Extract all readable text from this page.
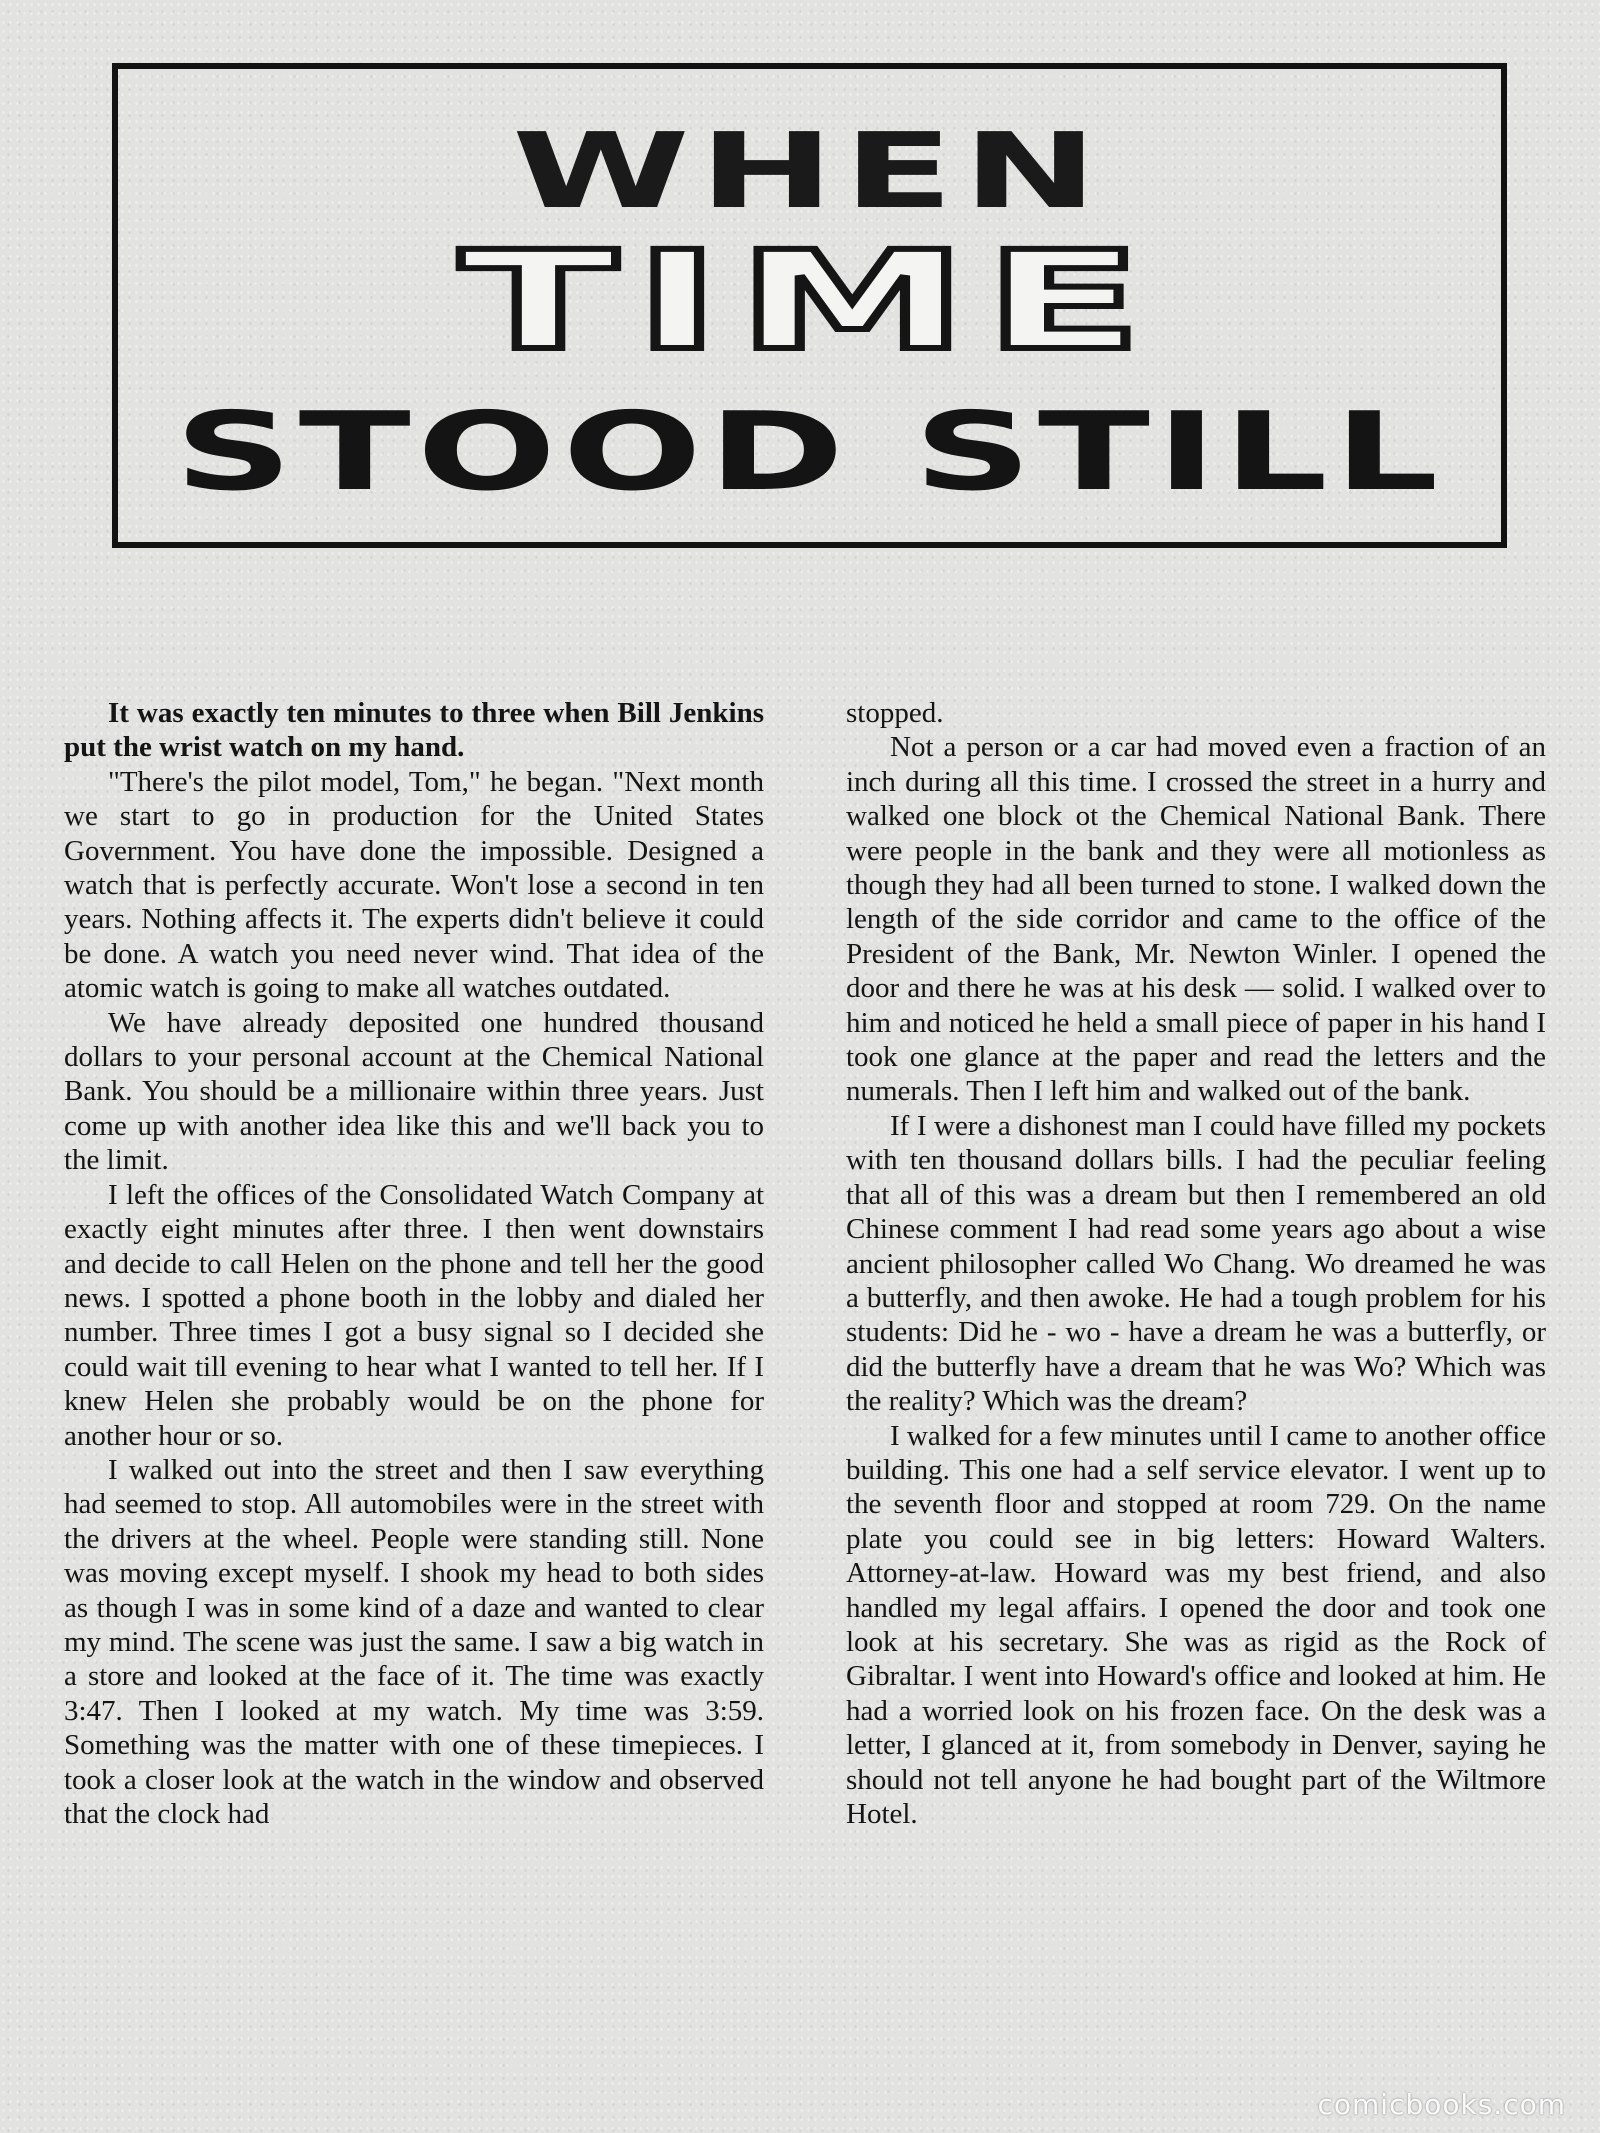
WHEN
TIME
STOOD STILL

It was exactly ten minutes to three when Bill Jenkins put the wrist watch on my hand.

"There's the pilot model, Tom," he began. "Next month we start to go in production for the United States Government. You have done the impossible. Designed a watch that is perfectly accurate. Won't lose a second in ten years. Nothing affects it. The experts didn't believe it could be done. A watch you need never wind. That idea of the atomic watch is going to make all watches outdated.

We have already deposited one hundred thousand dollars to your personal account at the Chemical National Bank. You should be a millionaire within three years. Just come up with another idea like this and we'll back you to the limit.

I left the offices of the Consolidated Watch Company at exactly eight minutes after three. I then went downstairs and decide to call Helen on the phone and tell her the good news. I spotted a phone booth in the lobby and dialed her number. Three times I got a busy signal so I decided she could wait till evening to hear what I wanted to tell her. If I knew Helen she probably would be on the phone for another hour or so.

I walked out into the street and then I saw everything had seemed to stop. All automobiles were in the street with the drivers at the wheel. People were standing still. None was moving except myself. I shook my head to both sides as though I was in some kind of a daze and wanted to clear my mind. The scene was just the same. I saw a big watch in a store and looked at the face of it. The time was exactly 3:47. Then I looked at my watch. My time was 3:59. Something was the matter with one of these timepieces. I took a closer look at the watch in the window and observed that the clock had

stopped.

Not a person or a car had moved even a fraction of an inch during all this time. I crossed the street in a hurry and walked one block ot the Chemical National Bank. There were people in the bank and they were all motionless as though they had all been turned to stone. I walked down the length of the side corridor and came to the office of the President of the Bank, Mr. Newton Winler. I opened the door and there he was at his desk — solid. I walked over to him and noticed he held a small piece of paper in his hand I took one glance at the paper and read the letters and the numerals. Then I left him and walked out of the bank.

If I were a dishonest man I could have filled my pockets with ten thousand dollars bills. I had the peculiar feeling that all of this was a dream but then I remembered an old Chinese comment I had read some years ago about a wise ancient philosopher called Wo Chang. Wo dreamed he was a butterfly, and then awoke. He had a tough problem for his students: Did he - wo - have a dream he was a butterfly, or did the butterfly have a dream that he was Wo? Which was the reality? Which was the dream?

I walked for a few minutes until I came to another office building. This one had a self service elevator. I went up to the seventh floor and stopped at room 729. On the name plate you could see in big letters: Howard Walters. Attorney-at-law. Howard was my best friend, and also handled my legal affairs. I opened the door and took one look at his secretary. She was as rigid as the Rock of Gibraltar. I went into Howard's office and looked at him. He had a worried look on his frozen face. On the desk was a letter, I glanced at it, from somebody in Denver, saying he should not tell anyone he had bought part of the Wiltmore Hotel.

comicbooks.com
